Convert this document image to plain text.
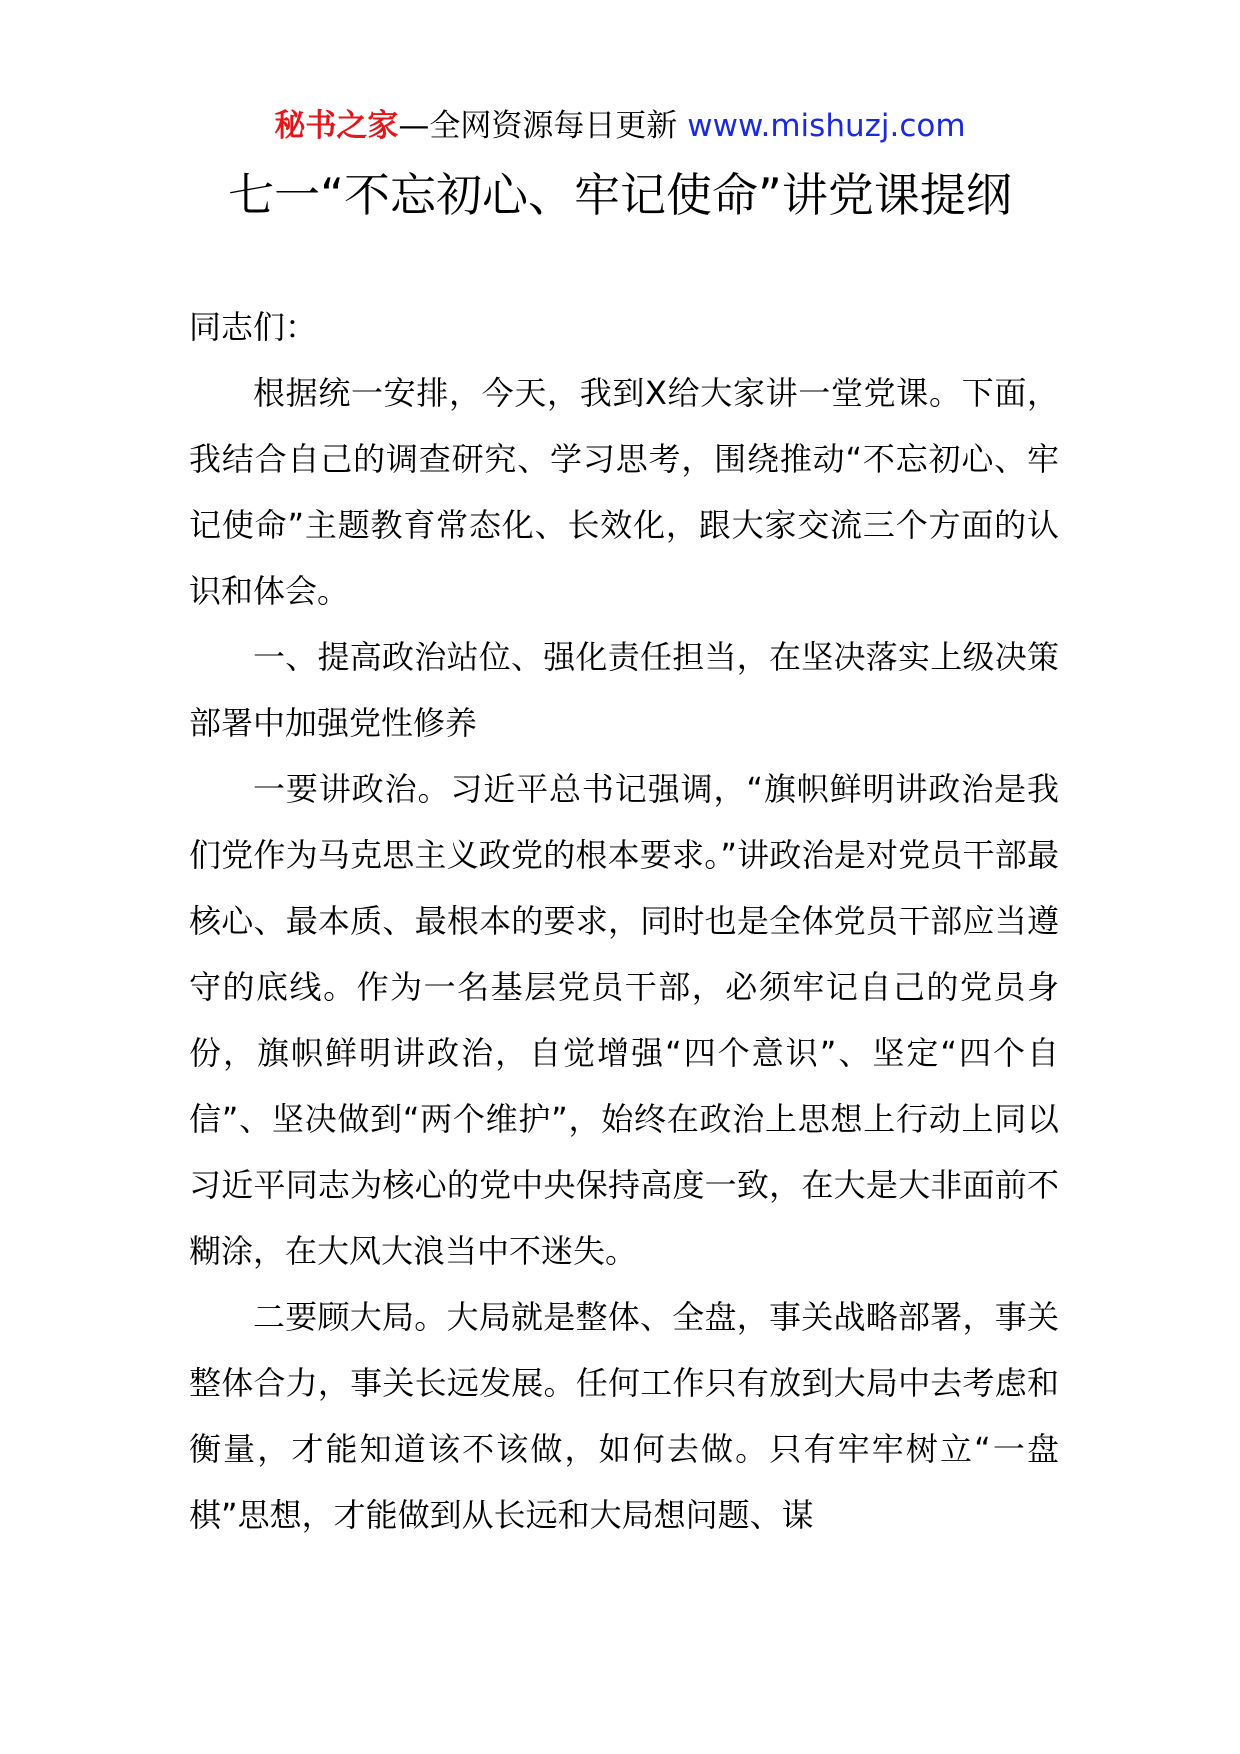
秘书之家—全网资源每日更新 www.mishuzj.com
七一“不忘初心、牢记使命”讲党课提纲

同志们：

根据统一安排，今天，我到X给大家讲一堂党课。下面，我结合自己的调查研究、学习思考，围绕推动“不忘初心、牢记使命”主题教育常态化、长效化，跟大家交流三个方面的认识和体会。

一、提高政治站位、强化责任担当，在坚决落实上级决策部署中加强党性修养

一要讲政治。习近平总书记强调，“旗帜鲜明讲政治是我们党作为马克思主义政党的根本要求。”讲政治是对党员干部最核心、最本质、最根本的要求，同时也是全体党员干部应当遵守的底线。作为一名基层党员干部，必须牢记自己的党员身份，旗帜鲜明讲政治，自觉增强“四个意识”、坚定“四个自信”、坚决做到“两个维护”，始终在政治上思想上行动上同以习近平同志为核心的党中央保持高度一致，在大是大非面前不糊涂，在大风大浪当中不迷失。

二要顾大局。大局就是整体、全盘，事关战略部署，事关整体合力，事关长远发展。任何工作只有放到大局中去考虑和衡量，才能知道该不该做，如何去做。只有牢牢树立“一盘棋”思想，才能做到从长远和大局想问题、谋
